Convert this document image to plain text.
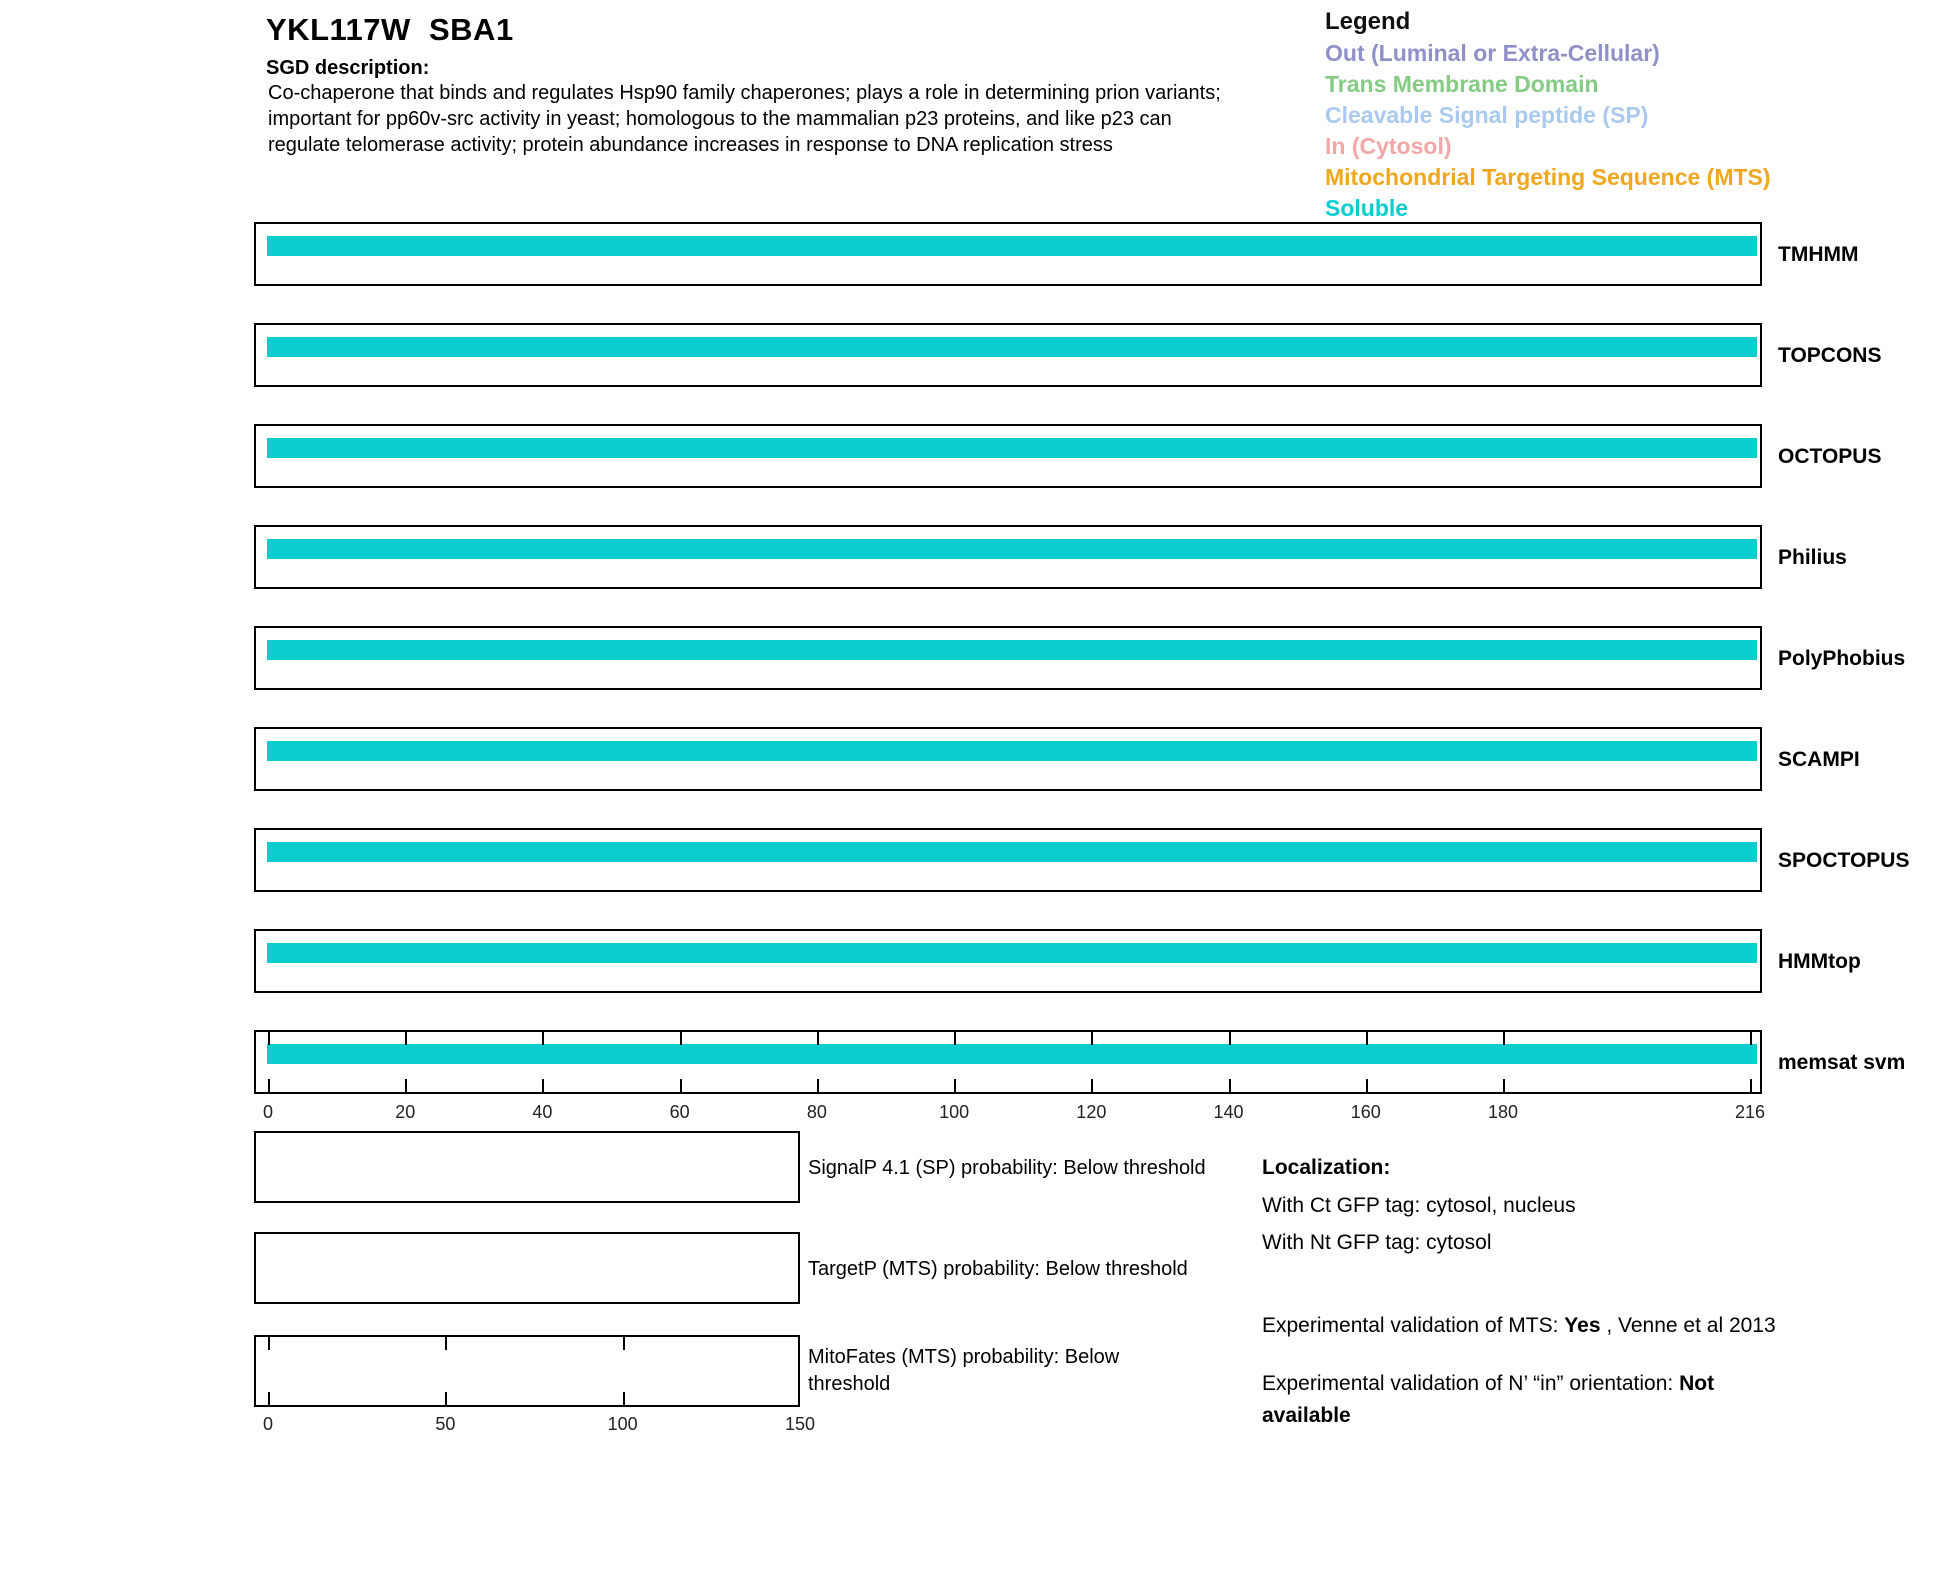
YKL117W  SBA1
SGD description:
Co-chaperone that binds and regulates Hsp90 family chaperones; plays a role in determining prion variants;
important for pp60v-src activity in yeast; homologous to the mammalian p23 proteins, and like p23 can
regulate telomerase activity; protein abundance increases in response to DNA replication stress
Legend
Out (Luminal or Extra-Cellular)
Trans Membrane Domain
Cleavable Signal peptide (SP)
In (Cytosol)
Mitochondrial Targeting Sequence (MTS)
Soluble
TMHMM
TOPCONS
OCTOPUS
Philius
PolyPhobius
SCAMPI
SPOCTOPUS
HMMtop
memsat svm
0	20	40	60	80	100	120	140	160	180	216
SignalP 4.1 (SP) probability: Below threshold
TargetP (MTS) probability: Below threshold
MitoFates (MTS) probability: Below
threshold
0	50	100	150
Localization:
With Ct GFP tag: cytosol, nucleus
With Nt GFP tag: cytosol
Experimental validation of MTS: Yes , Venne et al 2013
Experimental validation of N’ “in” orientation: Not available
